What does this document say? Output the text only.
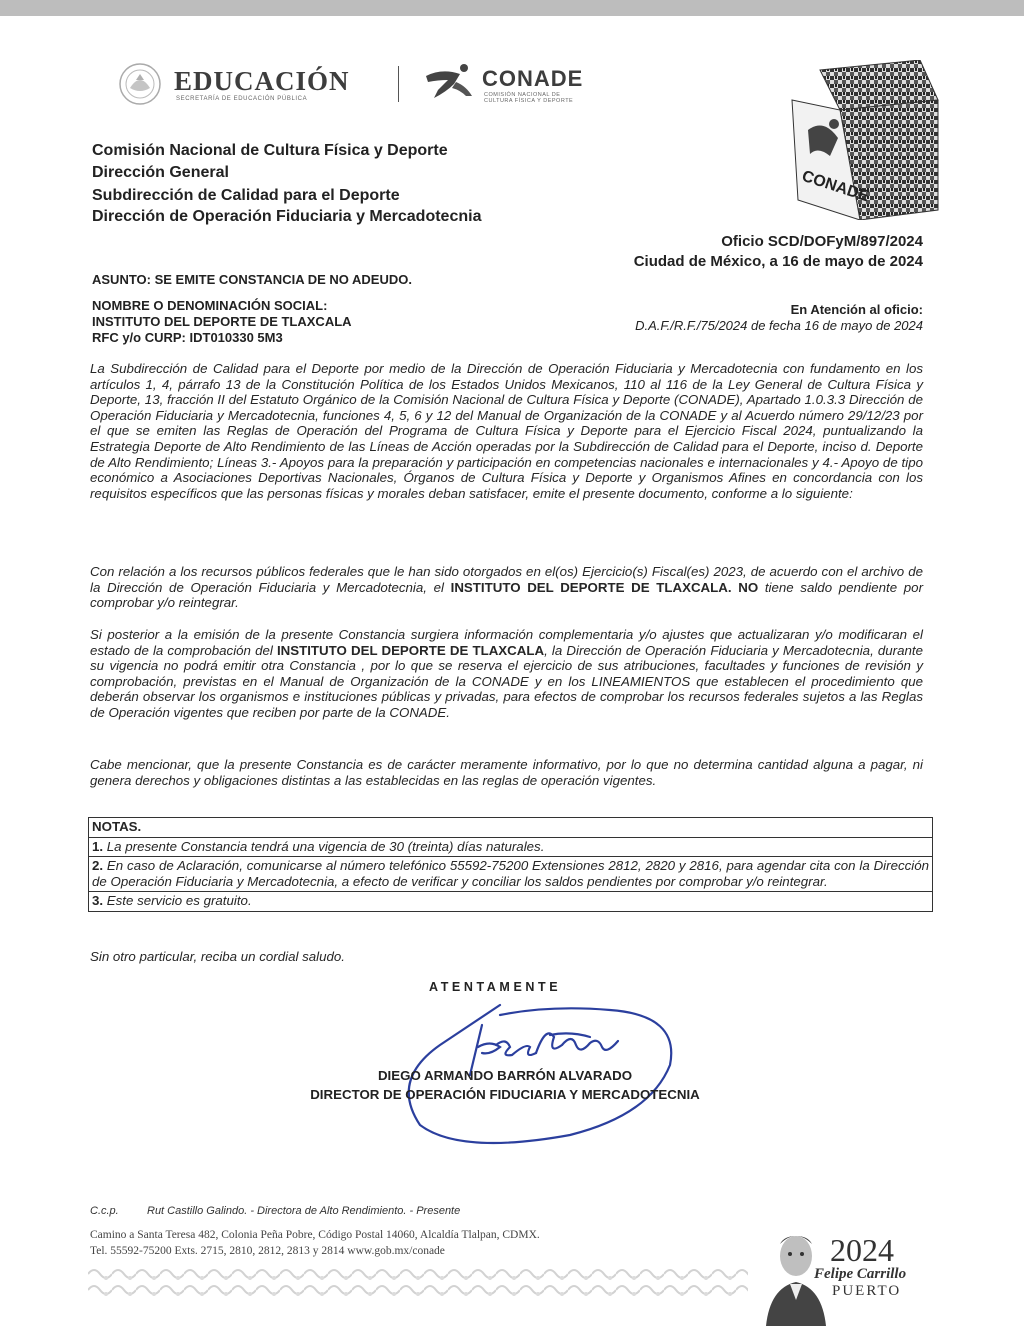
EDUCACIÓN
SECRETARÍA DE EDUCACIÓN PÚBLICA
CONADE
COMISIÓN NACIONAL DE
CULTURA FÍSICA Y DEPORTE
CONADE
Comisión Nacional de Cultura Física y Deporte
Dirección General
Subdirección de Calidad para el Deporte
Dirección de Operación Fiduciaria y Mercadotecnia
Oficio SCD/DOFyM/897/2024
Ciudad de México, a 16 de mayo de 2024
ASUNTO: SE EMITE CONSTANCIA DE NO ADEUDO.
NOMBRE O DENOMINACIÓN SOCIAL:
INSTITUTO DEL DEPORTE DE TLAXCALA
RFC y/o CURP: IDT010330 5M3
En Atención al oficio:
D.A.F./R.F./75/2024 de fecha 16 de mayo de 2024
La Subdirección de Calidad para el Deporte por medio de la Dirección de Operación Fiduciaria y Mercadotecnia con fundamento en los artículos 1, 4, párrafo 13 de la Constitución Política de los Estados Unidos Mexicanos, 110 al 116 de la Ley General de Cultura Física y Deporte, 13, fracción II del Estatuto Orgánico de la Comisión Nacional de Cultura Física y Deporte (CONADE), Apartado 1.0.3.3 Dirección de Operación Fiduciaria y Mercadotecnia, funciones 4, 5, 6 y 12 del Manual de Organización de la CONADE y al Acuerdo número 29/12/23 por el que se emiten las Reglas de Operación del Programa de Cultura Física y Deporte para el Ejercicio Fiscal 2024, puntualizando la Estrategia Deporte de Alto Rendimiento de las Líneas de Acción operadas por la Subdirección de Calidad para el Deporte, inciso d. Deporte de Alto Rendimiento; Líneas 3.- Apoyos para la preparación y participación en competencias nacionales e internacionales y 4.- Apoyo de tipo económico a Asociaciones Deportivas Nacionales, Órganos de Cultura Física y Deporte y Organismos Afines en concordancia con los requisitos específicos que las personas físicas y morales deban satisfacer, emite el presente documento, conforme a lo siguiente:
Con relación a los recursos públicos federales que le han sido otorgados en el(os) Ejercicio(s) Fiscal(es) 2023, de acuerdo con el archivo de la Dirección de Operación Fiduciaria y Mercadotecnia, el INSTITUTO DEL DEPORTE DE TLAXCALA. NO tiene saldo pendiente por comprobar y/o reintegrar.
Si posterior a la emisión de la presente Constancia surgiera información complementaria y/o ajustes que actualizaran y/o modificaran el estado de la comprobación del INSTITUTO DEL DEPORTE DE TLAXCALA, la Dirección de Operación Fiduciaria y Mercadotecnia, durante su vigencia no podrá emitir otra Constancia , por lo que se reserva el ejercicio de sus atribuciones, facultades y funciones de revisión y comprobación, previstas en el Manual de Organización de la CONADE y en los LINEAMIENTOS que establecen el procedimiento que deberán observar los organismos e instituciones públicas y privadas, para efectos de comprobar los recursos federales sujetos a las Reglas de Operación vigentes que reciben por parte de la CONADE.
Cabe mencionar, que la presente Constancia es de carácter meramente informativo, por lo que no determina cantidad alguna a pagar, ni genera derechos y obligaciones distintas a las establecidas en las reglas de operación vigentes.
NOTAS.
1. La presente Constancia tendrá una vigencia de 30 (treinta) días naturales.
2. En caso de Aclaración, comunicarse al número telefónico 55592-75200 Extensiones 2812, 2820 y 2816, para agendar cita con la Dirección de Operación Fiduciaria y Mercadotecnia, a efecto de verificar y conciliar los saldos pendientes por comprobar y/o reintegrar.
3. Este servicio es gratuito.
Sin otro particular, reciba un cordial saludo.
ATENTAMENTE
DIEGO ARMANDO BARRÓN ALVARADO
DIRECTOR DE OPERACIÓN FIDUCIARIA Y MERCADOTECNIA
C.c.p.	Rut Castillo Galindo. - Directora de Alto Rendimiento. - Presente
Camino a Santa Teresa 482, Colonia Peña Pobre, Código Postal 14060, Alcaldía Tlalpan, CDMX.
Tel. 55592-75200 Exts. 2715, 2810, 2812, 2813 y 2814 www.gob.mx/conade	2024
Felipe Carrillo
PUERTO
